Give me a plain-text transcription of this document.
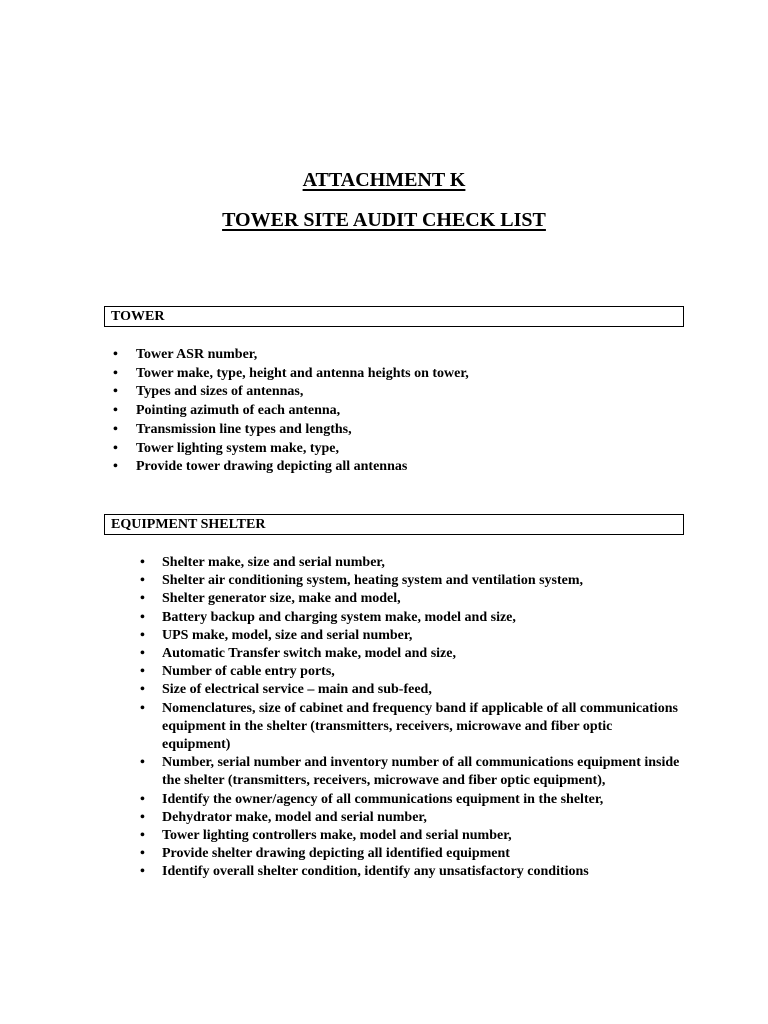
ATTACHMENT K
TOWER SITE AUDIT CHECK LIST
TOWER
• Tower ASR number,
• Tower make, type, height and antenna heights on tower,
• Types and sizes of antennas,
• Pointing azimuth of each antenna,
• Transmission line types and lengths,
• Tower lighting system make, type,
• Provide tower drawing depicting all antennas
EQUIPMENT SHELTER
• Shelter make, size and serial number,
• Shelter air conditioning system, heating system and ventilation system,
• Shelter generator size, make and model,
• Battery backup and charging system make, model and size,
• UPS make, model, size and serial number,
• Automatic Transfer switch make, model and size,
• Number of cable entry ports,
• Size of electrical service – main and sub-feed,
• Nomenclatures, size of cabinet and frequency band if applicable of all communications equipment in the shelter (transmitters, receivers, microwave and fiber optic equipment)
• Number, serial number and inventory number of all communications equipment inside the shelter (transmitters, receivers, microwave and fiber optic equipment),
• Identify the owner/agency of all communications equipment in the shelter,
• Dehydrator make, model and serial number,
• Tower lighting controllers make, model and serial number,
• Provide shelter drawing depicting all identified equipment
• Identify overall shelter condition, identify any unsatisfactory conditions
